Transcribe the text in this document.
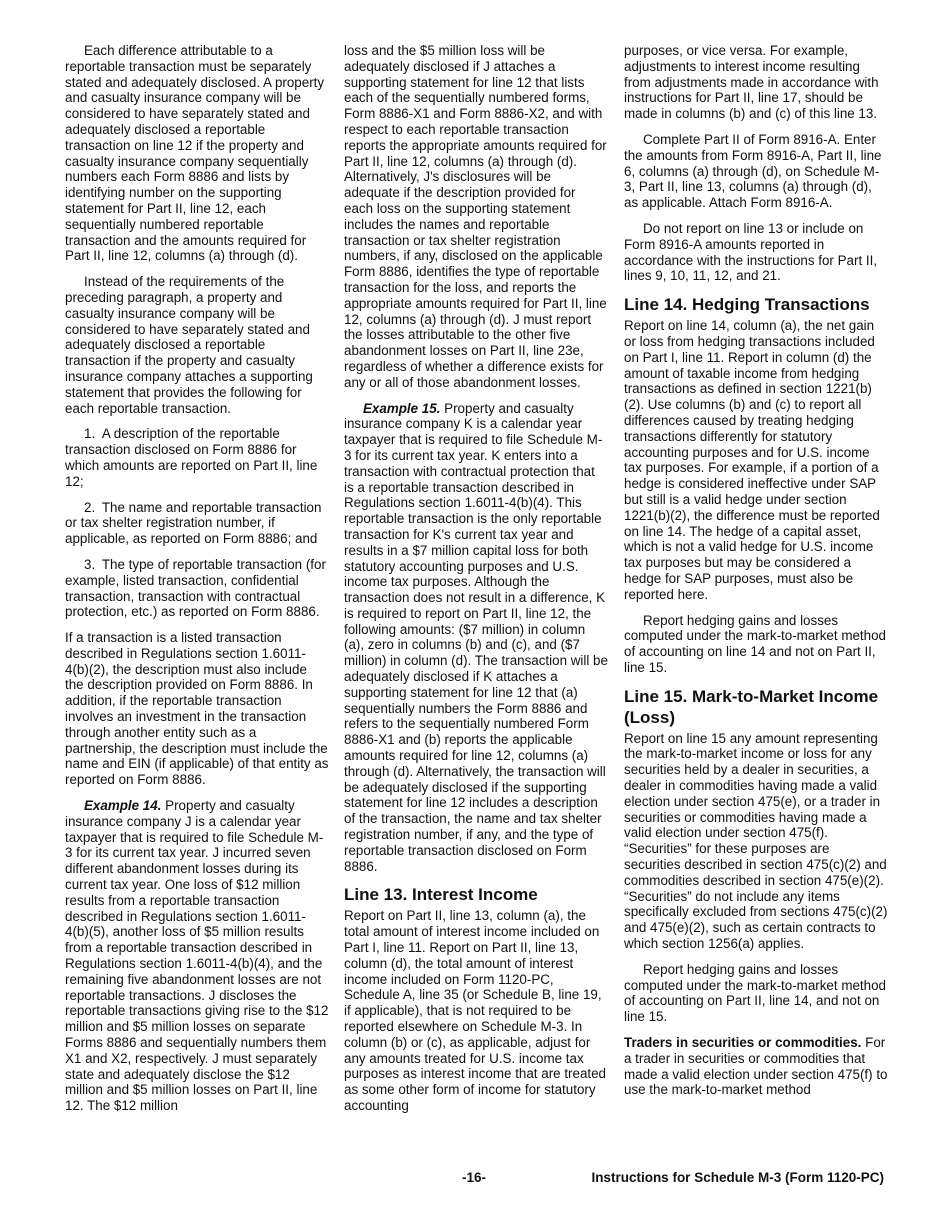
Each difference attributable to a reportable transaction must be separately stated and adequately disclosed. A property and casualty insurance company will be considered to have separately stated and adequately disclosed a reportable transaction on line 12 if the property and casualty insurance company sequentially numbers each Form 8886 and lists by identifying number on the supporting statement for Part II, line 12, each sequentially numbered reportable transaction and the amounts required for Part II, line 12, columns (a) through (d).

Instead of the requirements of the preceding paragraph, a property and casualty insurance company will be considered to have separately stated and adequately disclosed a reportable transaction if the property and casualty insurance company attaches a supporting statement that provides the following for each reportable transaction.

1. A description of the reportable transaction disclosed on Form 8886 for which amounts are reported on Part II, line 12;

2. The name and reportable transaction or tax shelter registration number, if applicable, as reported on Form 8886; and

3. The type of reportable transaction (for example, listed transaction, confidential transaction, transaction with contractual protection, etc.) as reported on Form 8886.

If a transaction is a listed transaction described in Regulations section 1.6011-4(b)(2), the description must also include the description provided on Form 8886. In addition, if the reportable transaction involves an investment in the transaction through another entity such as a partnership, the description must include the name and EIN (if applicable) of that entity as reported on Form 8886.

Example 14. Property and casualty insurance company J is a calendar year taxpayer that is required to file Schedule M-3 for its current tax year. J incurred seven different abandonment losses during its current tax year. One loss of $12 million results from a reportable transaction described in Regulations section 1.6011-4(b)(5), another loss of $5 million results from a reportable transaction described in Regulations section 1.6011-4(b)(4), and the remaining five abandonment losses are not reportable transactions. J discloses the reportable transactions giving rise to the $12 million and $5 million losses on separate Forms 8886 and sequentially numbers them X1 and X2, respectively. J must separately state and adequately disclose the $12 million and $5 million losses on Part II, line 12. The $12 million

loss and the $5 million loss will be adequately disclosed if J attaches a supporting statement for line 12 that lists each of the sequentially numbered forms, Form 8886-X1 and Form 8886-X2, and with respect to each reportable transaction reports the appropriate amounts required for Part II, line 12, columns (a) through (d). Alternatively, J's disclosures will be adequate if the description provided for each loss on the supporting statement includes the names and reportable transaction or tax shelter registration numbers, if any, disclosed on the applicable Form 8886, identifies the type of reportable transaction for the loss, and reports the appropriate amounts required for Part II, line 12, columns (a) through (d). J must report the losses attributable to the other five abandonment losses on Part II, line 23e, regardless of whether a difference exists for any or all of those abandonment losses.

Example 15. Property and casualty insurance company K is a calendar year taxpayer that is required to file Schedule M-3 for its current tax year. K enters into a transaction with contractual protection that is a reportable transaction described in Regulations section 1.6011-4(b)(4). This reportable transaction is the only reportable transaction for K's current tax year and results in a $7 million capital loss for both statutory accounting purposes and U.S. income tax purposes. Although the transaction does not result in a difference, K is required to report on Part II, line 12, the following amounts: ($7 million) in column (a), zero in columns (b) and (c), and ($7 million) in column (d). The transaction will be adequately disclosed if K attaches a supporting statement for line 12 that (a) sequentially numbers the Form 8886 and refers to the sequentially numbered Form 8886-X1 and (b) reports the applicable amounts required for line 12, columns (a) through (d). Alternatively, the transaction will be adequately disclosed if the supporting statement for line 12 includes a description of the transaction, the name and tax shelter registration number, if any, and the type of reportable transaction disclosed on Form 8886.

Line 13. Interest Income

Report on Part II, line 13, column (a), the total amount of interest income included on Part I, line 11. Report on Part II, line 13, column (d), the total amount of interest income included on Form 1120-PC, Schedule A, line 35 (or Schedule B, line 19, if applicable), that is not required to be reported elsewhere on Schedule M-3. In column (b) or (c), as applicable, adjust for any amounts treated for U.S. income tax purposes as interest income that are treated as some other form of income for statutory accounting

purposes, or vice versa. For example, adjustments to interest income resulting from adjustments made in accordance with instructions for Part II, line 17, should be made in columns (b) and (c) of this line 13.

Complete Part II of Form 8916-A. Enter the amounts from Form 8916-A, Part II, line 6, columns (a) through (d), on Schedule M-3, Part II, line 13, columns (a) through (d), as applicable. Attach Form 8916-A.

Do not report on line 13 or include on Form 8916-A amounts reported in accordance with the instructions for Part II, lines 9, 10, 11, 12, and 21.

Line 14. Hedging Transactions

Report on line 14, column (a), the net gain or loss from hedging transactions included on Part I, line 11. Report in column (d) the amount of taxable income from hedging transactions as defined in section 1221(b)(2). Use columns (b) and (c) to report all differences caused by treating hedging transactions differently for statutory accounting purposes and for U.S. income tax purposes. For example, if a portion of a hedge is considered ineffective under SAP but still is a valid hedge under section 1221(b)(2), the difference must be reported on line 14. The hedge of a capital asset, which is not a valid hedge for U.S. income tax purposes but may be considered a hedge for SAP purposes, must also be reported here.

Report hedging gains and losses computed under the mark-to-market method of accounting on line 14 and not on Part II, line 15.

Line 15. Mark-to-Market Income (Loss)

Report on line 15 any amount representing the mark-to-market income or loss for any securities held by a dealer in securities, a dealer in commodities having made a valid election under section 475(e), or a trader in securities or commodities having made a valid election under section 475(f). “Securities” for these purposes are securities described in section 475(c)(2) and commodities described in section 475(e)(2). “Securities” do not include any items specifically excluded from sections 475(c)(2) and 475(e)(2), such as certain contracts to which section 1256(a) applies.

Report hedging gains and losses computed under the mark-to-market method of accounting on Part II, line 14, and not on line 15.

Traders in securities or commodities. For a trader in securities or commodities that made a valid election under section 475(f) to use the mark-to-market method

-16-	Instructions for Schedule M-3 (Form 1120-PC)
